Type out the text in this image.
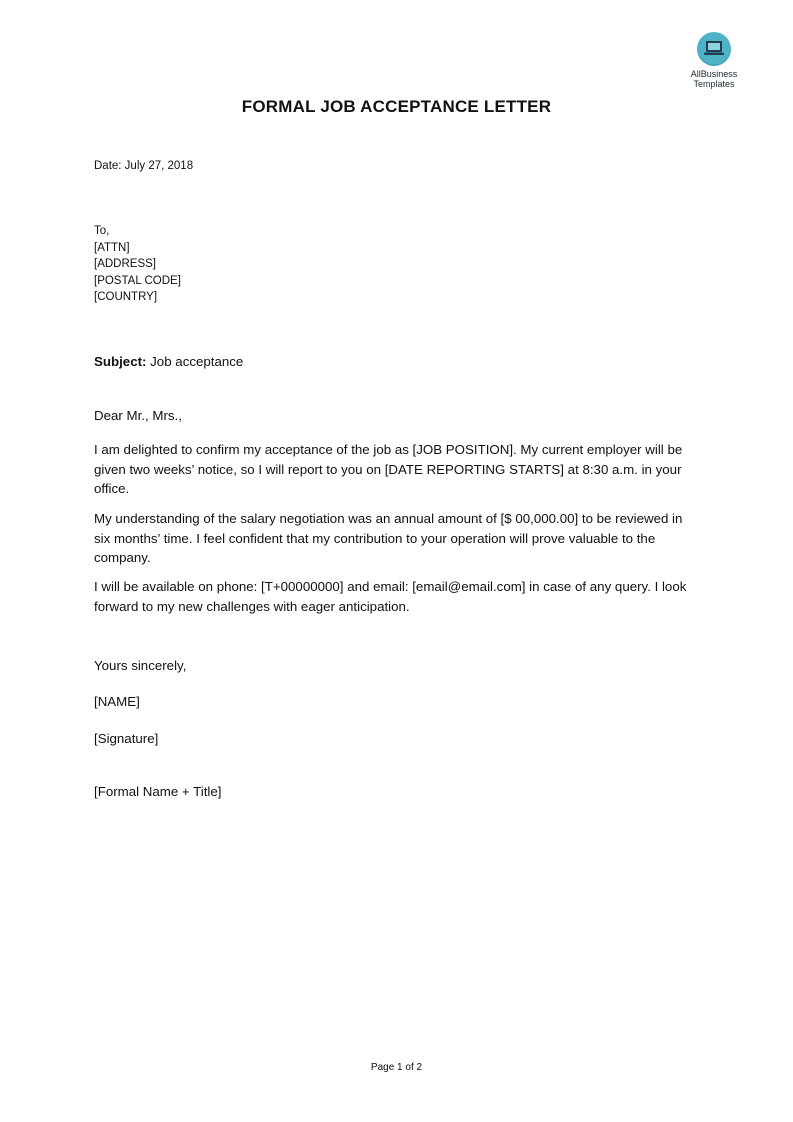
AllBusiness
Templates
FORMAL JOB ACCEPTANCE LETTER
Date: July 27, 2018
To,
[ATTN]
[ADDRESS]
[POSTAL CODE]
[COUNTRY]
Subject: Job acceptance
Dear Mr., Mrs.,
I am delighted to confirm my acceptance of the job as [JOB POSITION]. My current employer will be given two weeks’ notice, so I will report to you on [DATE REPORTING STARTS] at 8:30 a.m. in your office.
My understanding of the salary negotiation was an annual amount of [$ 00,000.00] to be reviewed in six months’ time. I feel confident that my contribution to your operation will prove valuable to the company.
I will be available on phone: [T+00000000] and email: [email@email.com] in case of any query. I look forward to my new challenges with eager anticipation.
Yours sincerely,
[NAME]
[Signature]
[Formal Name + Title]
Page 1 of 2
